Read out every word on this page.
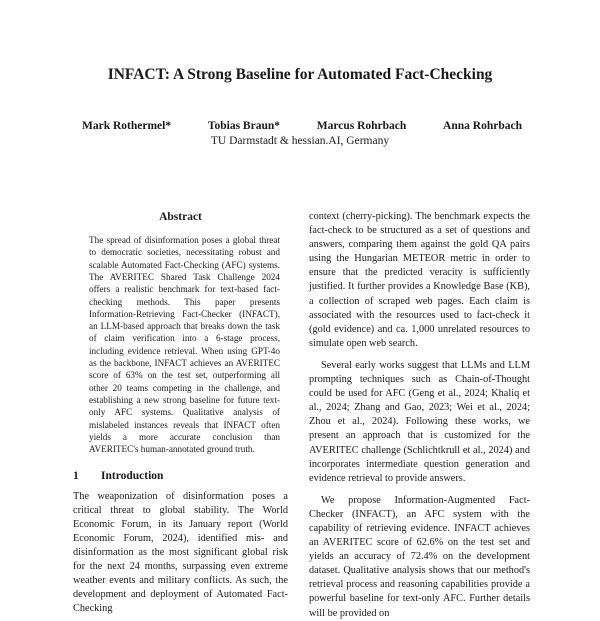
INFACT: A Strong Baseline for Automated Fact-Checking
Mark Rothermel*	Tobias Braun*	Marcus Rohrbach	Anna Rohrbach
TU Darmstadt & hessian.AI, Germany
Abstract

The spread of disinformation poses a global threat to democratic societies, necessitating robust and scalable Automated Fact-Checking (AFC) systems. The AVERITEC Shared Task Challenge 2024 offers a realistic benchmark for text-based fact-checking methods. This paper presents Information-Retrieving Fact-Checker (INFACT), an LLM-based approach that breaks down the task of claim verification into a 6-stage process, including evidence retrieval. When using GPT-4o as the backbone, INFACT achieves an AVERITEC score of 63% on the test set, outperforming all other 20 teams competing in the challenge, and establishing a new strong baseline for future text-only AFC systems. Qualitative analysis of mislabeled instances reveals that INFACT often yields a more accurate conclusion than AVERITEC's human-annotated ground truth.

1 Introduction

The weaponization of disinformation poses a critical threat to global stability. The World Economic Forum, in its January report (World Economic Forum, 2024), identified mis- and disinformation as the most significant global risk for the next 24 months, surpassing even extreme weather events and military conflicts. As such, the development and deployment of Automated Fact-Checking

context (cherry-picking). The benchmark expects the fact-check to be structured as a set of questions and answers, comparing them against the gold QA pairs using the Hungarian METEOR metric in order to ensure that the predicted veracity is sufficiently justified. It further provides a Knowledge Base (KB), a collection of scraped web pages. Each claim is associated with the resources used to fact-check it (gold evidence) and ca. 1,000 unrelated resources to simulate open web search.

Several early works suggest that LLMs and LLM prompting techniques such as Chain-of-Thought could be used for AFC (Geng et al., 2024; Khaliq et al., 2024; Zhang and Gao, 2023; Wei et al., 2024; Zhou et al., 2024). Following these works, we present an approach that is customized for the AVERITEC challenge (Schlichtkrull et al., 2024) and incorporates intermediate question generation and evidence retrieval to provide answers.

We propose Information-Augmented Fact-Checker (INFACT), an AFC system with the capability of retrieving evidence. INFACT achieves an AVERITEC score of 62.6% on the test set and yields an accuracy of 72.4% on the development dataset. Qualitative analysis shows that our method's retrieval process and reasoning capabilities provide a powerful baseline for text-only AFC. Further details will be provided on
